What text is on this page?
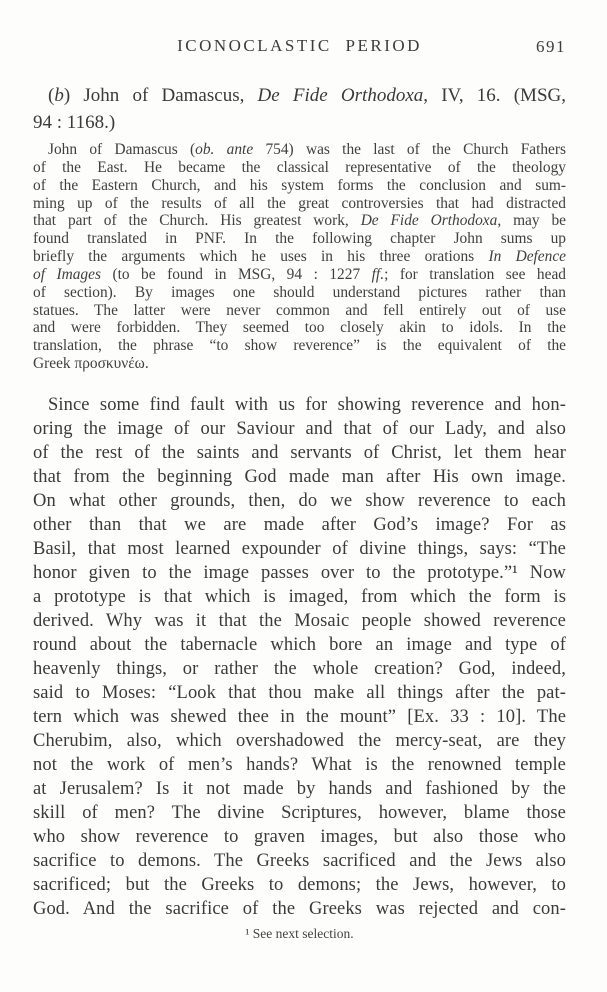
ICONOCLASTIC PERIOD	691
(b) John of Damascus, De Fide Orthodoxa, IV, 16. (MSG,
94 : 1168.)
John of Damascus (ob. ante 754) was the last of the Church Fathers
of the East. He became the classical representative of the theology
of the Eastern Church, and his system forms the conclusion and sum-
ming up of the results of all the great controversies that had distracted
that part of the Church. His greatest work, De Fide Orthodoxa, may be
found translated in PNF. In the following chapter John sums up
briefly the arguments which he uses in his three orations In Defence
of Images (to be found in MSG, 94 : 1227 ff.; for translation see head
of section). By images one should understand pictures rather than
statues. The latter were never common and fell entirely out of use
and were forbidden. They seemed too closely akin to idols. In the
translation, the phrase “to show reverence” is the equivalent of the
Greek προσκυνέω.
Since some find fault with us for showing reverence and hon-
oring the image of our Saviour and that of our Lady, and also
of the rest of the saints and servants of Christ, let them hear
that from the beginning God made man after His own image.
On what other grounds, then, do we show reverence to each
other than that we are made after God’s image? For as
Basil, that most learned expounder of divine things, says: “The
honor given to the image passes over to the prototype.”¹ Now
a prototype is that which is imaged, from which the form is
derived. Why was it that the Mosaic people showed reverence
round about the tabernacle which bore an image and type of
heavenly things, or rather the whole creation? God, indeed,
said to Moses: “Look that thou make all things after the pat-
tern which was shewed thee in the mount” [Ex. 33 : 10]. The
Cherubim, also, which overshadowed the mercy-seat, are they
not the work of men’s hands? What is the renowned temple
at Jerusalem? Is it not made by hands and fashioned by the
skill of men? The divine Scriptures, however, blame those
who show reverence to graven images, but also those who
sacrifice to demons. The Greeks sacrificed and the Jews also
sacrificed; but the Greeks to demons; the Jews, however, to
God. And the sacrifice of the Greeks was rejected and con-
¹ See next selection.
